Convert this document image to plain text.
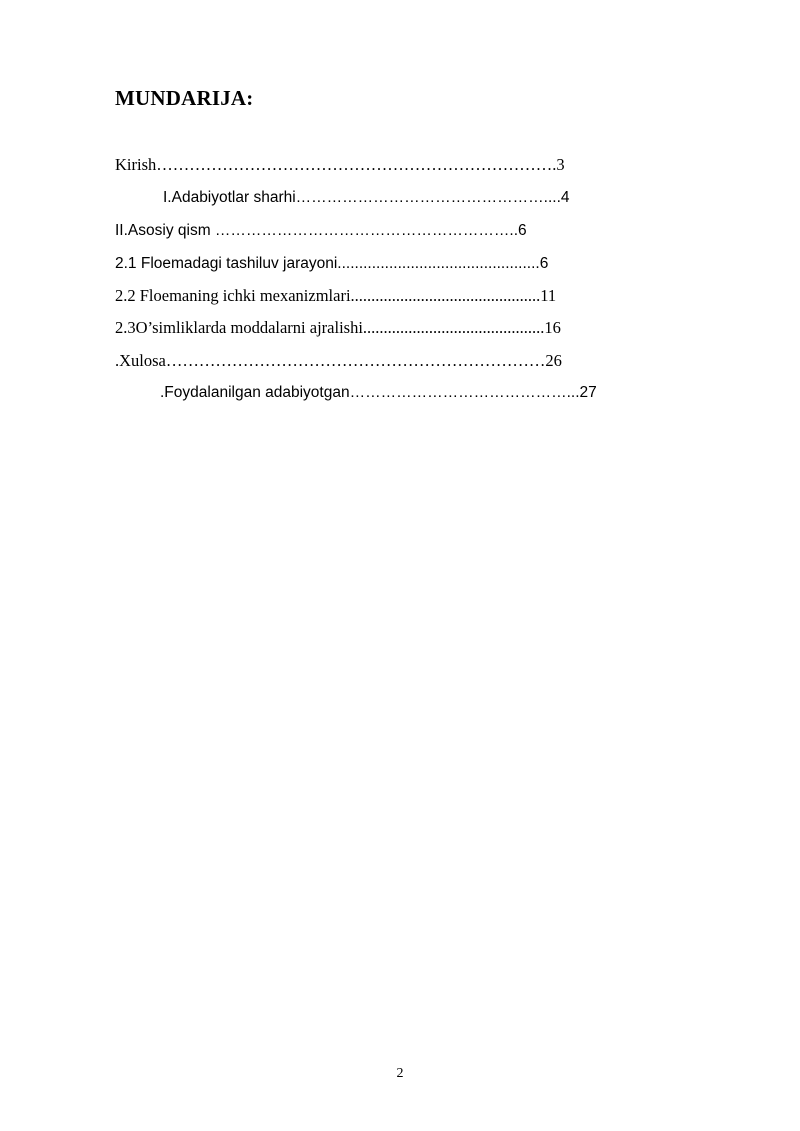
MUNDARIJA:

Kirish……………………………………………………………….3

I.Adabiyotlar sharhi…………………………………………....4

II.Asosiy qism …………………………………………………..6

2.1 Floemadagi tashiluv jarayoni...............................................6

2.2 Floemaning ichki mexanizmlari..............................................11

2.3O’simliklarda moddalarni ajralishi............................................16

.Xulosa……………………………………………………………26

.Foydalanilgan adabiyotgan……………………………………...27

2
